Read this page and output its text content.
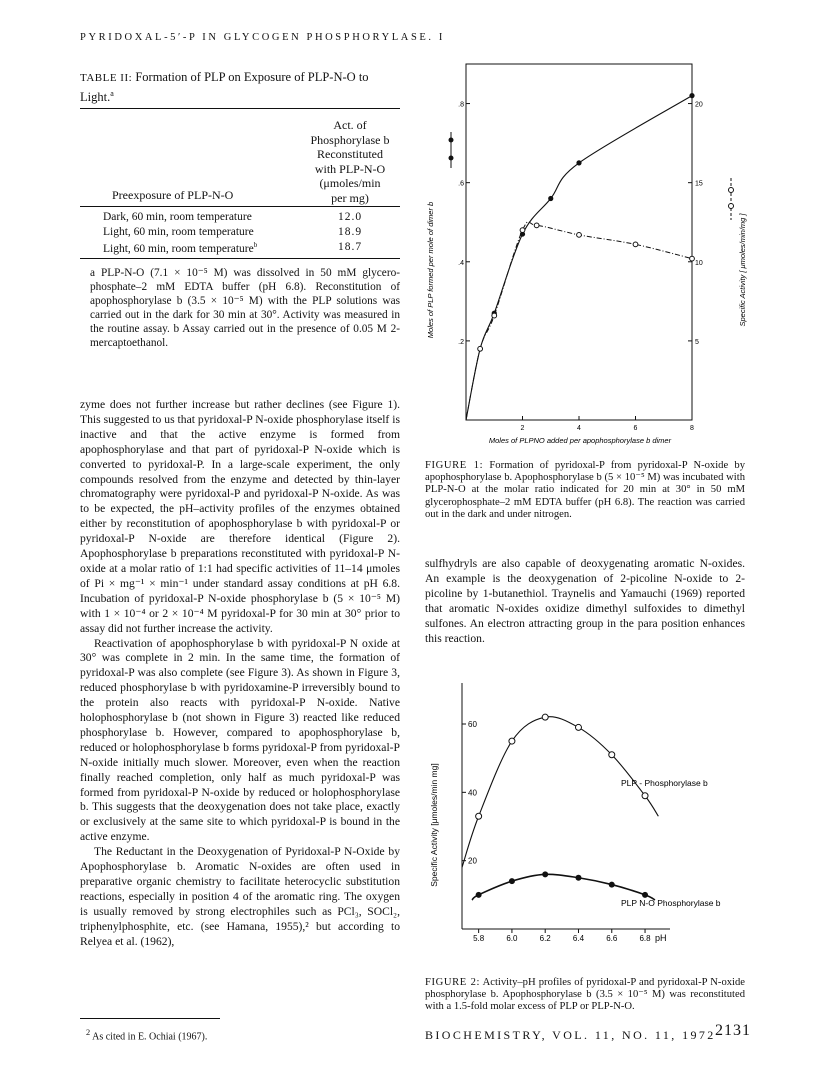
PYRIDOXAL-5′-P IN GLYCOGEN PHOSPHORYLASE. I
TABLE II: Formation of PLP on Exposure of PLP-N-O to Light.$^a$
Act. of
Phosphorylase b
Reconstituted
with PLP-N-O
(μmoles/min
per mg)
Preexposure of PLP-N-O
Dark, 60 min, room temperature	12.0
Light, 60 min, room temperature	18.9
Light, 60 min, room temperature$^b$	18.7
a PLP-N-O (7.1 × 10⁻⁵ M) was dissolved in 50 mM glycero-phosphate–2 mM EDTA buffer (pH 6.8). Reconstitution of apophosphorylase b (3.5 × 10⁻⁵ M) with the PLP solutions was carried out in the dark for 30 min at 30°. Activity was measured in the routine assay. b Assay carried out in the presence of 0.05 M 2-mercaptoethanol.

zyme does not further increase but rather declines (see Figure 1). This suggested to us that pyridoxal-P N-oxide phosphorylase itself is inactive and that the active enzyme is formed from apophosphorylase and that part of pyridoxal-P N-oxide which is converted to pyridoxal-P. In a large-scale experiment, the only compounds resolved from the enzyme and detected by thin-layer chromatography were pyridoxal-P and pyridoxal-P N-oxide. As was to be expected, the pH–activity profiles of the enzymes obtained either by reconstitution of apophosphorylase b with pyridoxal-P or pyridoxal-P N-oxide are therefore identical (Figure 2). Apophosphorylase b preparations reconstituted with pyridoxal-P N-oxide at a molar ratio of 1:1 had specific activities of 11–14 μmoles of Pi × mg⁻¹ × min⁻¹ under standard assay conditions at pH 6.8. Incubation of pyridoxal-P N-oxide phosphorylase b (5 × 10⁻⁵ M) with 1 × 10⁻⁴ or 2 × 10⁻⁴ M pyridoxal-P for 30 min at 30° prior to assay did not further increase the activity.

Reactivation of apophosphorylase b with pyridoxal-P N oxide at 30° was complete in 2 min. In the same time, the formation of pyridoxal-P was also complete (see Figure 3). As shown in Figure 3, reduced phosphorylase b with pyridoxamine-P irreversibly bound to the protein also reacts with pyridoxal-P N-oxide. Native holophosphorylase b (not shown in Figure 3) reacted like reduced phosphorylase b. However, compared to apophosphorylase b, reduced or holophosphorylase b forms pyridoxal-P from pyridoxal-P N-oxide initially much slower. Moreover, even when the reaction finally reached completion, only half as much pyridoxal-P was formed from pyridoxal-P N-oxide by reduced or holophosphorylase b. This suggests that the deoxygenation does not take place, exactly or exclusively at the same site to which pyridoxal-P is bound in the active enzyme.

The Reductant in the Deoxygenation of Pyridoxal-P N-Oxide by Apophosphorylase b. Aromatic N-oxides are often used in preparative organic chemistry to facilitate heterocyclic substitution reactions, especially in position 4 of the aromatic ring. The oxygen is usually removed by strong electrophiles such as PCl₃, SOCl₂, triphenylphosphite, etc. (see Hamana, 1955),² but according to Relyea et al. (1962),

$^2$ As cited in E. Ochiai (1967).
2	4	6	8
.2
.4
.6
.8
5
10
15
20
Moles of PLPNO added per apophosphorylase b dimer
Moles of PLP formed per mole of dimer b	Specific Activity [ μmoles/min/mg ]
FIGURE 1: Formation of pyridoxal-P from pyridoxal-P N-oxide by apophosphorylase b. Apophosphorylase b (5 × 10⁻⁵ M) was incubated with PLP-N-O at the molar ratio indicated for 20 min at 30° in 50 mM glycerophosphate–2 mM EDTA buffer (pH 6.8). The reaction was carried out in the dark and under nitrogen.

sulfhydryls are also capable of deoxygenating aromatic N-oxides. An example is the deoxygenation of 2-picoline N-oxide to 2-picoline by 1-butanethiol. Traynelis and Yamauchi (1969) reported that aromatic N-oxides oxidize dimethyl sulfoxides to dimethyl sulfones. An electron attracting group in the para position enhances this reaction.

5.8	6.0	6.2	6.4	6.6	6.8
20
40
60
Specific Activity [μmoles/min mg]	PLP - Phosphorylase b
PLP N-O Phosphorylase b
pH
FIGURE 2: Activity–pH profiles of pyridoxal-P and pyridoxal-P N-oxide phosphorylase b. Apophosphorylase b (3.5 × 10⁻⁵ M) was reconstituted with a 1.5-fold molar excess of PLP or PLP-N-O.
BIOCHEMISTRY, VOL. 11, NO. 11, 1972 2131
